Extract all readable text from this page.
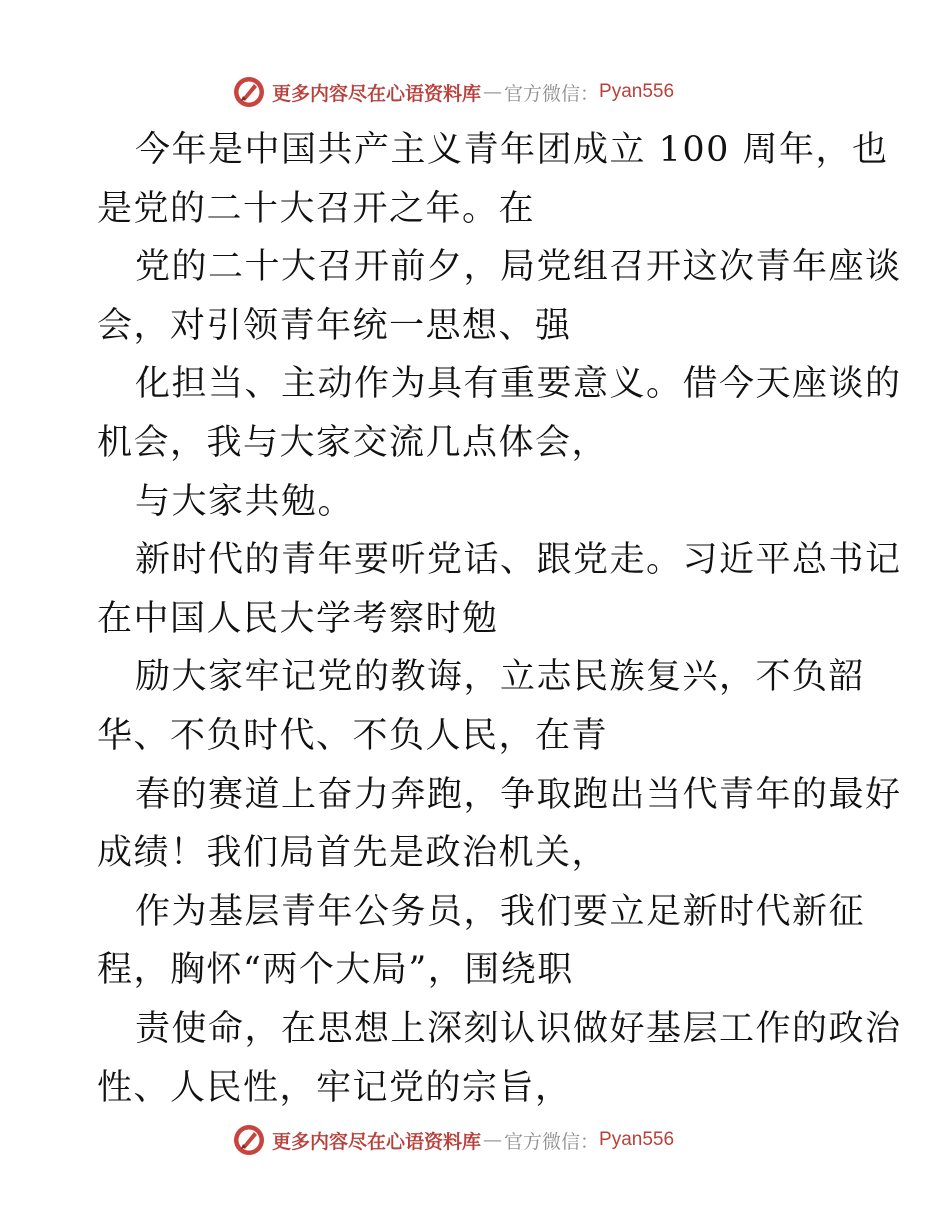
更多内容尽在心语资料库 — 官方微信： Pyan556
今年是中国共产主义青年团成立 100 周年，也
是党的二十大召开之年。在
党的二十大召开前夕，局党组召开这次青年座谈
会，对引领青年统一思想、强
化担当、主动作为具有重要意义。借今天座谈的
机会，我与大家交流几点体会，
与大家共勉。
新时代的青年要听党话、跟党走。习近平总书记
在中国人民大学考察时勉
励大家牢记党的教诲，立志民族复兴，不负韶
华、不负时代、不负人民，在青
春的赛道上奋力奔跑，争取跑出当代青年的最好
成绩！我们局首先是政治机关，
作为基层青年公务员，我们要立足新时代新征
程，胸怀“两个大局”，围绕职
责使命，在思想上深刻认识做好基层工作的政治
性、人民性，牢记党的宗旨，
更多内容尽在心语资料库 — 官方微信： Pyan556
